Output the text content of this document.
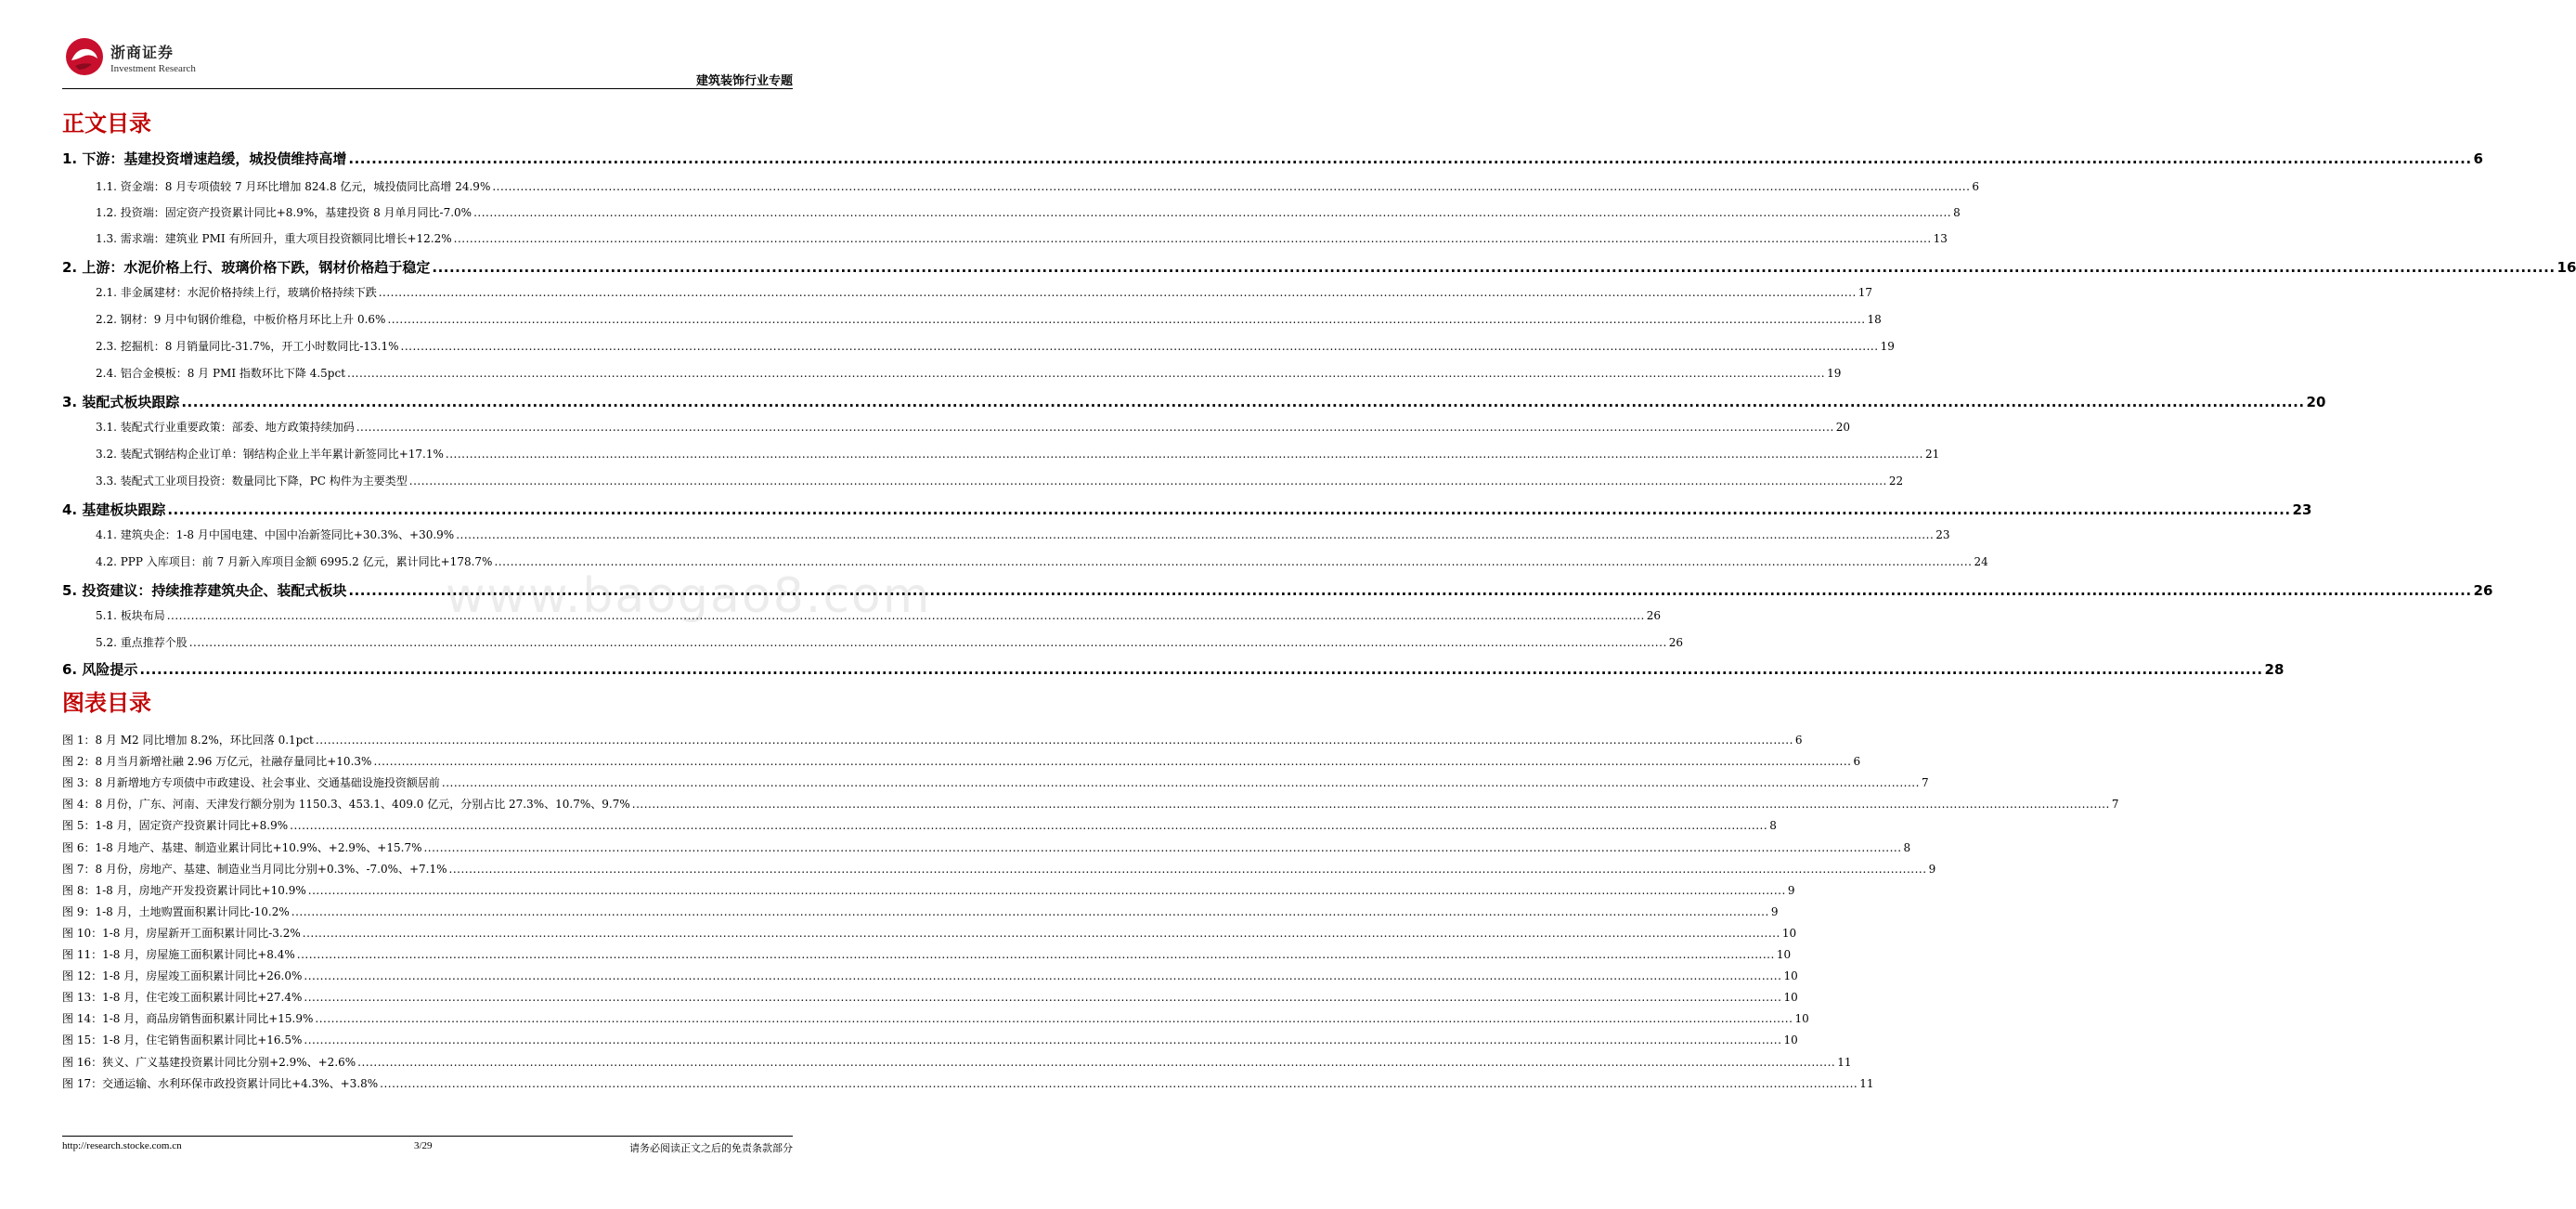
浙商证券
Investment Research
建筑装饰行业专题
正文目录
1. 下游：基建投资增速趋缓，城投债维持高增 .....	6
1.1. 资金端：8 月专项债较 7 月环比增加 824.8 亿元，城投债同比高增 24.9% .....	6
1.2. 投资端：固定资产投资累计同比+8.9%，基建投资 8 月单月同比-7.0% .....	8
1.3. 需求端：建筑业 PMI 有所回升，重大项目投资额同比增长+12.2% .....	13
2. 上游：水泥价格上行、玻璃价格下跌，钢材价格趋于稳定 .....	16
2.1. 非金属建材：水泥价格持续上行，玻璃价格持续下跌 .....	17
2.2. 钢材：9 月中旬钢价维稳，中板价格月环比上升 0.6% .....	18
2.3. 挖掘机：8 月销量同比-31.7%，开工小时数同比-13.1% .....	19
2.4. 铝合金模板：8 月 PMI 指数环比下降 4.5pct .....	19
3. 装配式板块跟踪 .....	20
3.1. 装配式行业重要政策：部委、地方政策持续加码 .....	20
3.2. 装配式钢结构企业订单：钢结构企业上半年累计新签同比+17.1% .....	21
3.3. 装配式工业项目投资：数量同比下降，PC 构件为主要类型 .....	22
4. 基建板块跟踪 .....	23
4.1. 建筑央企：1-8 月中国电建、中国中冶新签同比+30.3%、+30.9% .....	23
4.2. PPP 入库项目：前 7 月新入库项目金额 6995.2 亿元，累计同比+178.7% .....	24
5. 投资建议：持续推荐建筑央企、装配式板块 .....	26
5.1. 板块布局 .....	26
5.2. 重点推荐个股 .....	26
6. 风险提示 .....	28
图表目录
图 1：8 月 M2 同比增加 8.2%，环比回落 0.1pct .....	6
图 2：8 月当月新增社融 2.96 万亿元，社融存量同比+10.3% .....	6
图 3：8 月新增地方专项债中市政建设、社会事业、交通基础设施投资额居前 .....	7
图 4：8 月份，广东、河南、天津发行额分别为 1150.3、453.1、409.0 亿元，分别占比 27.3%、10.7%、9.7% .....	7
图 5：1-8 月，固定资产投资累计同比+8.9% .....	8
图 6：1-8 月地产、基建、制造业累计同比+10.9%、+2.9%、+15.7% .....	8
图 7：8 月份，房地产、基建、制造业当月同比分别+0.3%、-7.0%、+7.1% .....	9
图 8：1-8 月，房地产开发投资累计同比+10.9% .....	9
图 9：1-8 月，土地购置面积累计同比-10.2% .....	9
图 10：1-8 月，房屋新开工面积累计同比-3.2% .....	10
图 11：1-8 月，房屋施工面积累计同比+8.4% .....	10
图 12：1-8 月，房屋竣工面积累计同比+26.0% .....	10
图 13：1-8 月，住宅竣工面积累计同比+27.4% .....	10
图 14：1-8 月，商品房销售面积累计同比+15.9% .....	10
图 15：1-8 月，住宅销售面积累计同比+16.5% .....	10
图 16：狭义、广义基建投资累计同比分别+2.9%、+2.6% .....	11
图 17：交通运输、水利环保市政投资累计同比+4.3%、+3.8% .....	11
www.baogao8.com
http://research.stocke.com.cn	3/29	请务必阅读正文之后的免责条款部分
